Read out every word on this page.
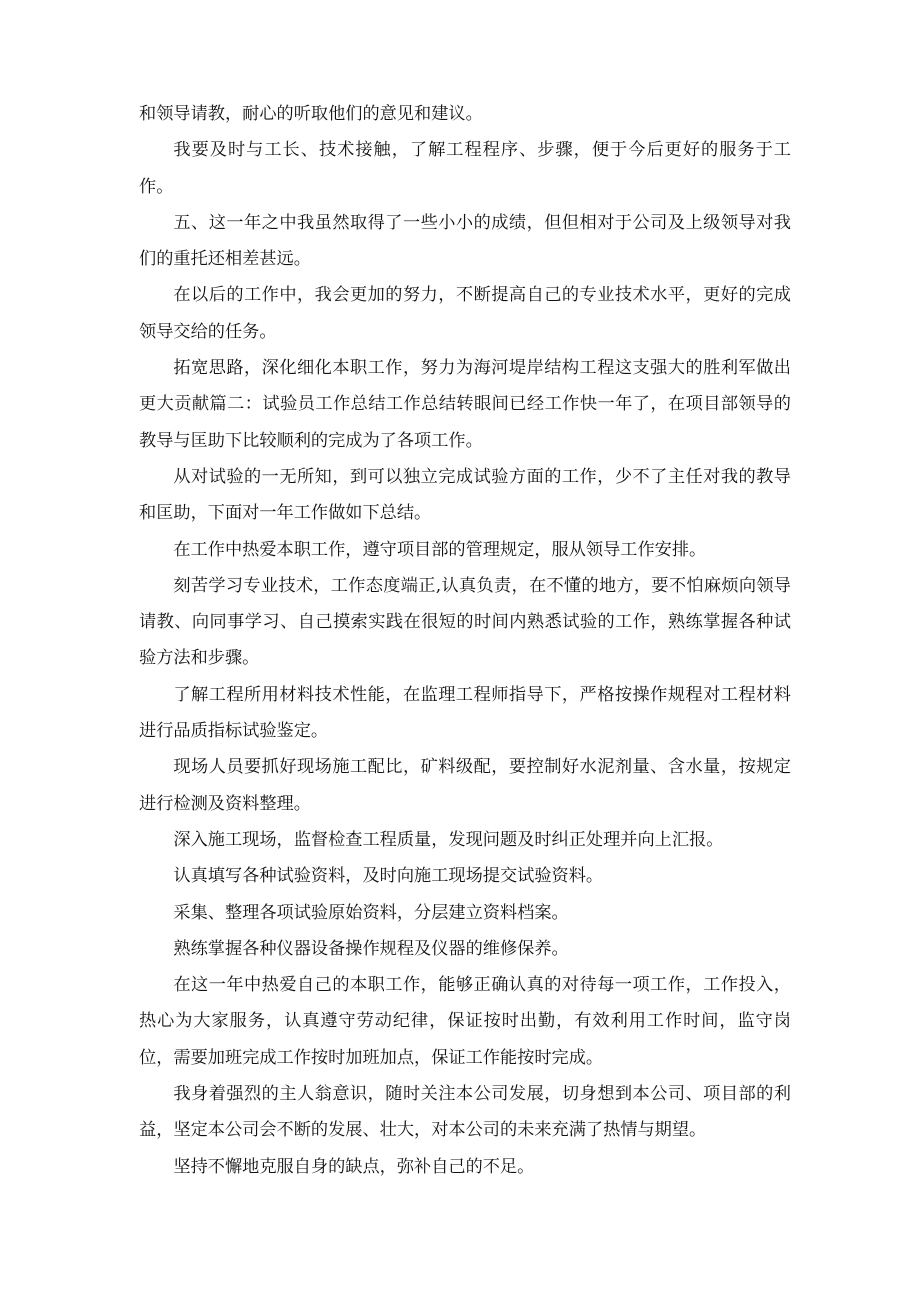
和领导请教，耐心的听取他们的意见和建议。

我要及时与工长、技术接触，了解工程程序、步骤，便于今后更好的服务于工作。

五、这一年之中我虽然取得了一些小小的成绩，但但相对于公司及上级领导对我们的重托还相差甚远。

在以后的工作中，我会更加的努力，不断提高自己的专业技术水平，更好的完成领导交给的任务。

拓宽思路，深化细化本职工作，努力为海河堤岸结构工程这支强大的胜利军做出更大贡献篇二：试验员工作总结工作总结转眼间已经工作快一年了，在项目部领导的教导与匡助下比较顺利的完成为了各项工作。

从对试验的一无所知，到可以独立完成试验方面的工作，少不了主任对我的教导和匡助，下面对一年工作做如下总结。

在工作中热爱本职工作，遵守项目部的管理规定，服从领导工作安排。

刻苦学习专业技术，工作态度端正,认真负责，在不懂的地方，要不怕麻烦向领导请教、向同事学习、自己摸索实践在很短的时间内熟悉试验的工作，熟练掌握各种试验方法和步骤。

了解工程所用材料技术性能，在监理工程师指导下，严格按操作规程对工程材料进行品质指标试验鉴定。

现场人员要抓好现场施工配比，矿料级配，要控制好水泥剂量、含水量，按规定进行检测及资料整理。

深入施工现场，监督检查工程质量，发现问题及时纠正处理并向上汇报。

认真填写各种试验资料，及时向施工现场提交试验资料。

采集、整理各项试验原始资料，分层建立资料档案。

熟练掌握各种仪器设备操作规程及仪器的维修保养。

在这一年中热爱自己的本职工作，能够正确认真的对待每一项工作，工作投入，热心为大家服务，认真遵守劳动纪律，保证按时出勤，有效利用工作时间，监守岗位，需要加班完成工作按时加班加点，保证工作能按时完成。

我身着强烈的主人翁意识，随时关注本公司发展，切身想到本公司、项目部的利益，坚定本公司会不断的发展、壮大，对本公司的未来充满了热情与期望。

坚持不懈地克服自身的缺点，弥补自己的不足。
